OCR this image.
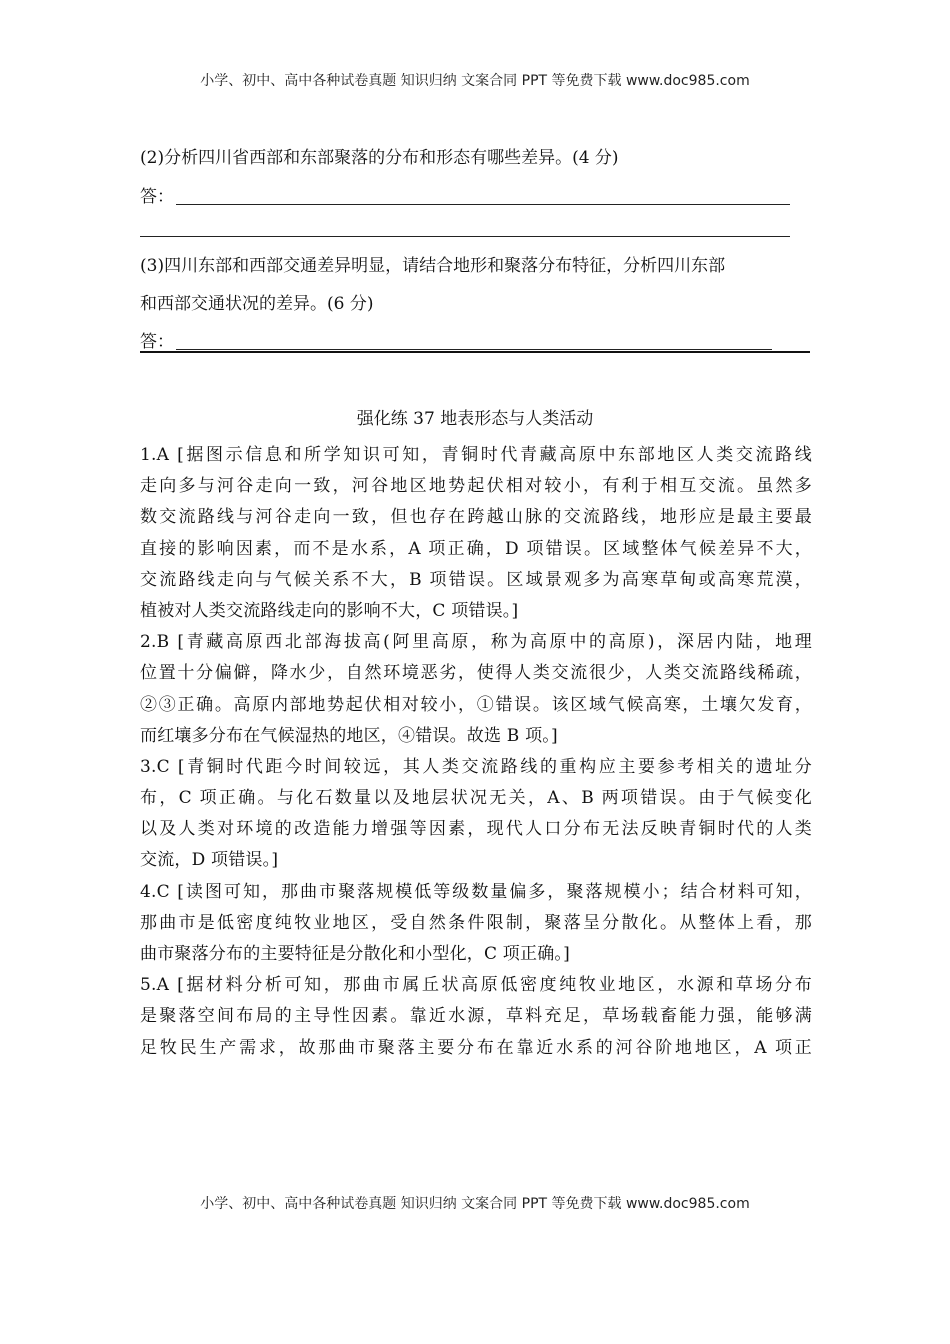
小学、初中、高中各种试卷真题 知识归纳 文案合同 PPT 等免费下载 www.doc985.com
(2)分析四川省西部和东部聚落的分布和形态有哪些差异。(4 分)
答：
(3)四川东部和西部交通差异明显，请结合地形和聚落分布特征，分析四川东部
和西部交通状况的差异。(6 分)
答：
强化练 37 地表形态与人类活动
1.A [据图示信息和所学知识可知，青铜时代青藏高原中东部地区人类交流路线
走向多与河谷走向一致，河谷地区地势起伏相对较小，有利于相互交流。虽然多
数交流路线与河谷走向一致，但也存在跨越山脉的交流路线，地形应是最主要最
直接的影响因素，而不是水系，A 项正确，D 项错误。区域整体气候差异不大，
交流路线走向与气候关系不大，B 项错误。区域景观多为高寒草甸或高寒荒漠，
植被对人类交流路线走向的影响不大，C 项错误。]
2.B [青藏高原西北部海拔高(阿里高原，称为高原中的高原)，深居内陆，地理
位置十分偏僻，降水少，自然环境恶劣，使得人类交流很少，人类交流路线稀疏，
②③正确。高原内部地势起伏相对较小，①错误。该区域气候高寒，土壤欠发育，
而红壤多分布在气候湿热的地区，④错误。故选 B 项。]
3.C [青铜时代距今时间较远，其人类交流路线的重构应主要参考相关的遗址分
布，C 项正确。与化石数量以及地层状况无关，A、B 两项错误。由于气候变化
以及人类对环境的改造能力增强等因素，现代人口分布无法反映青铜时代的人类
交流，D 项错误。]
4.C [读图可知，那曲市聚落规模低等级数量偏多，聚落规模小；结合材料可知，
那曲市是低密度纯牧业地区，受自然条件限制，聚落呈分散化。从整体上看，那
曲市聚落分布的主要特征是分散化和小型化，C 项正确。]
5.A [据材料分析可知，那曲市属丘状高原低密度纯牧业地区，水源和草场分布
是聚落空间布局的主导性因素。靠近水源，草料充足，草场载畜能力强，能够满
足牧民生产需求，故那曲市聚落主要分布在靠近水系的河谷阶地地区，A 项正
小学、初中、高中各种试卷真题 知识归纳 文案合同 PPT 等免费下载 www.doc985.com
